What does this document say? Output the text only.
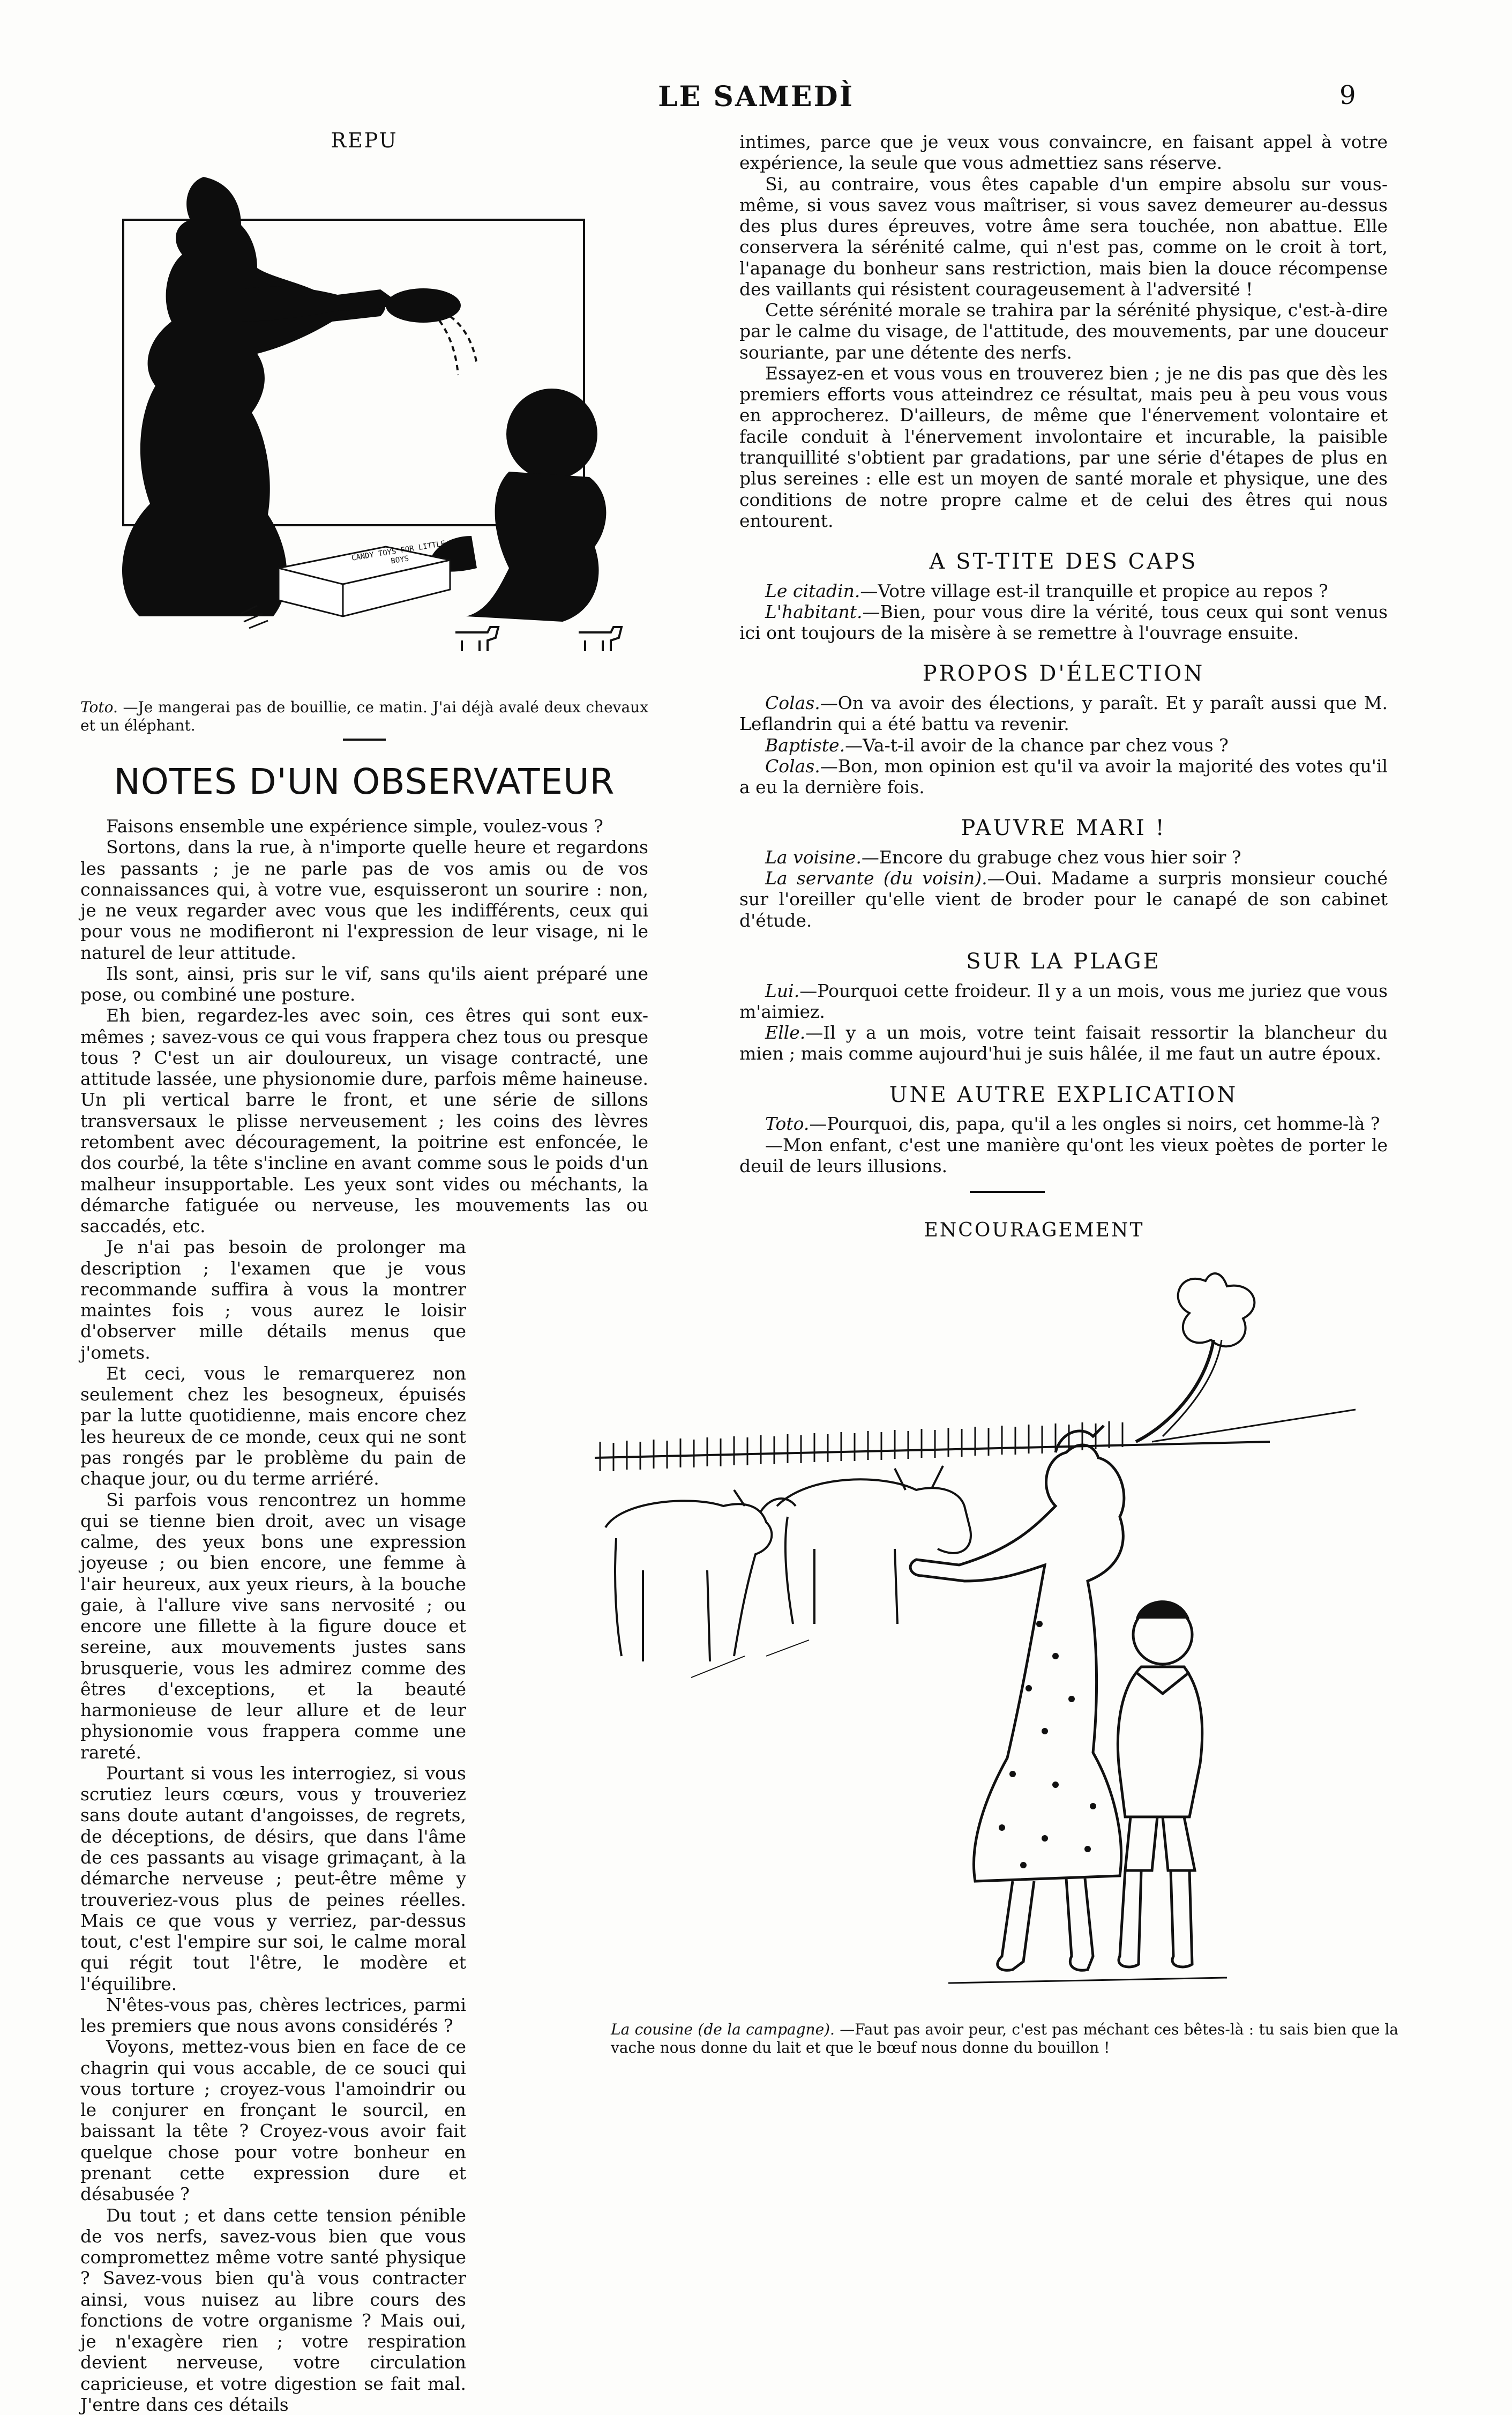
LE SAMEDÌ	9
REPU
CANDY TOYS FOR LITTLE BOYS
Toto. —Je mangerai pas de bouillie, ce matin. J'ai déjà avalé deux chevaux et un éléphant.
NOTES D'UN OBSERVATEUR

Faisons ensemble une expérience simple, voulez-vous ?

Sortons, dans la rue, à n'importe quelle heure et regardons les passants ; je ne parle pas de vos amis ou de vos connaissances qui, à votre vue, esquisseront un sourire : non, je ne veux regarder avec vous que les indifférents, ceux qui pour vous ne modifieront ni l'expression de leur visage, ni le naturel de leur attitude.

Ils sont, ainsi, pris sur le vif, sans qu'ils aient préparé une pose, ou combiné une posture.

Eh bien, regardez-les avec soin, ces êtres qui sont eux-mêmes ; savez-vous ce qui vous frappera chez tous ou presque tous ? C'est un air douloureux, un visage contracté, une attitude lassée, une physionomie dure, parfois même haineuse. Un pli vertical barre le front, et une série de sillons transversaux le plisse nerveusement ; les coins des lèvres retombent avec découragement, la poitrine est enfoncée, le dos courbé, la tête s'incline en avant comme sous le poids d'un malheur insupportable. Les yeux sont vides ou méchants, la démarche fatiguée ou nerveuse, les mouvements las ou saccadés, etc.

Je n'ai pas besoin de prolonger ma description ; l'examen que je vous recommande suffira à vous la montrer maintes fois ; vous aurez le loisir d'observer mille détails menus que j'omets.

Et ceci, vous le remarquerez non seulement chez les besogneux, épuisés par la lutte quotidienne, mais encore chez les heureux de ce monde, ceux qui ne sont pas rongés par le problème du pain de chaque jour, ou du terme arriéré.

Si parfois vous rencontrez un homme qui se tienne bien droit, avec un visage calme, des yeux bons une expression joyeuse ; ou bien encore, une femme à l'air heureux, aux yeux rieurs, à la bouche gaie, à l'allure vive sans nervosité ; ou encore une fillette à la figure douce et sereine, aux mouvements justes sans brusquerie, vous les admirez comme des êtres d'exceptions, et la beauté harmonieuse de leur allure et de leur physionomie vous frappera comme une rareté.

Pourtant si vous les interrogiez, si vous scrutiez leurs cœurs, vous y trouveriez sans doute autant d'angoisses, de regrets, de déceptions, de désirs, que dans l'âme de ces passants au visage grimaçant, à la démarche nerveuse ; peut-être même y trouveriez-vous plus de peines réelles. Mais ce que vous y verriez, par-dessus tout, c'est l'empire sur soi, le calme moral qui régit tout l'être, le modère et l'équilibre.

N'êtes-vous pas, chères lectrices, parmi les premiers que nous avons considérés ?

Voyons, mettez-vous bien en face de ce chagrin qui vous accable, de ce souci qui vous torture ; croyez-vous l'amoindrir ou le conjurer en fronçant le sourcil, en baissant la tête ? Croyez-vous avoir fait quelque chose pour votre bonheur en prenant cette expression dure et désabusée ?

Du tout ; et dans cette tension pénible de vos nerfs, savez-vous bien que vous compromettez même votre santé physique ? Savez-vous bien qu'à vous contracter ainsi, vous nuisez au libre cours des fonctions de votre organisme ? Mais oui, je n'exagère rien ; votre respiration devient nerveuse, votre circulation capricieuse, et votre digestion se fait mal. J'entre dans ces détails

intimes, parce que je veux vous convaincre, en faisant appel à votre expérience, la seule que vous admettiez sans réserve.

Si, au contraire, vous êtes capable d'un empire absolu sur vous-même, si vous savez vous maîtriser, si vous savez demeurer au-dessus des plus dures épreuves, votre âme sera touchée, non abattue. Elle conservera la sérénité calme, qui n'est pas, comme on le croit à tort, l'apanage du bonheur sans restriction, mais bien la douce récompense des vaillants qui résistent courageusement à l'adversité !

Cette sérénité morale se trahira par la sérénité physique, c'est-à-dire par le calme du visage, de l'attitude, des mouvements, par une douceur souriante, par une détente des nerfs.

Essayez-en et vous vous en trouverez bien ; je ne dis pas que dès les premiers efforts vous atteindrez ce résultat, mais peu à peu vous vous en approcherez. D'ailleurs, de même que l'énervement volontaire et facile conduit à l'énervement involontaire et incurable, la paisible tranquillité s'obtient par gradations, par une série d'étapes de plus en plus sereines : elle est un moyen de santé morale et physique, une des conditions de notre propre calme et de celui des êtres qui nous entourent.

A ST-TITE DES CAPS

Le citadin.—Votre village est-il tranquille et propice au repos ?

L'habitant.—Bien, pour vous dire la vérité, tous ceux qui sont venus ici ont toujours de la misère à se remettre à l'ouvrage ensuite.

PROPOS D'ÉLECTION

Colas.—On va avoir des élections, y paraît. Et y paraît aussi que M. Leflandrin qui a été battu va revenir.

Baptiste.—Va-t-il avoir de la chance par chez vous ?

Colas.—Bon, mon opinion est qu'il va avoir la majorité des votes qu'il a eu la dernière fois.

PAUVRE MARI !

La voisine.—Encore du grabuge chez vous hier soir ?

La servante (du voisin).—Oui. Madame a surpris monsieur couché sur l'oreiller qu'elle vient de broder pour le canapé de son cabinet d'étude.

SUR LA PLAGE

Lui.—Pourquoi cette froideur. Il y a un mois, vous me juriez que vous m'aimiez.

Elle.—Il y a un mois, votre teint faisait ressortir la blancheur du mien ; mais comme aujourd'hui je suis hâlée, il me faut un autre époux.

UNE AUTRE EXPLICATION

Toto.—Pourquoi, dis, papa, qu'il a les ongles si noirs, cet homme-là ?

—Mon enfant, c'est une manière qu'ont les vieux poètes de porter le deuil de leurs illusions.

ENCOURAGEMENT
La cousine (de la campagne). —Faut pas avoir peur, c'est pas méchant ces bêtes-là : tu sais bien que la vache nous donne du lait et que le bœuf nous donne du bouillon !
